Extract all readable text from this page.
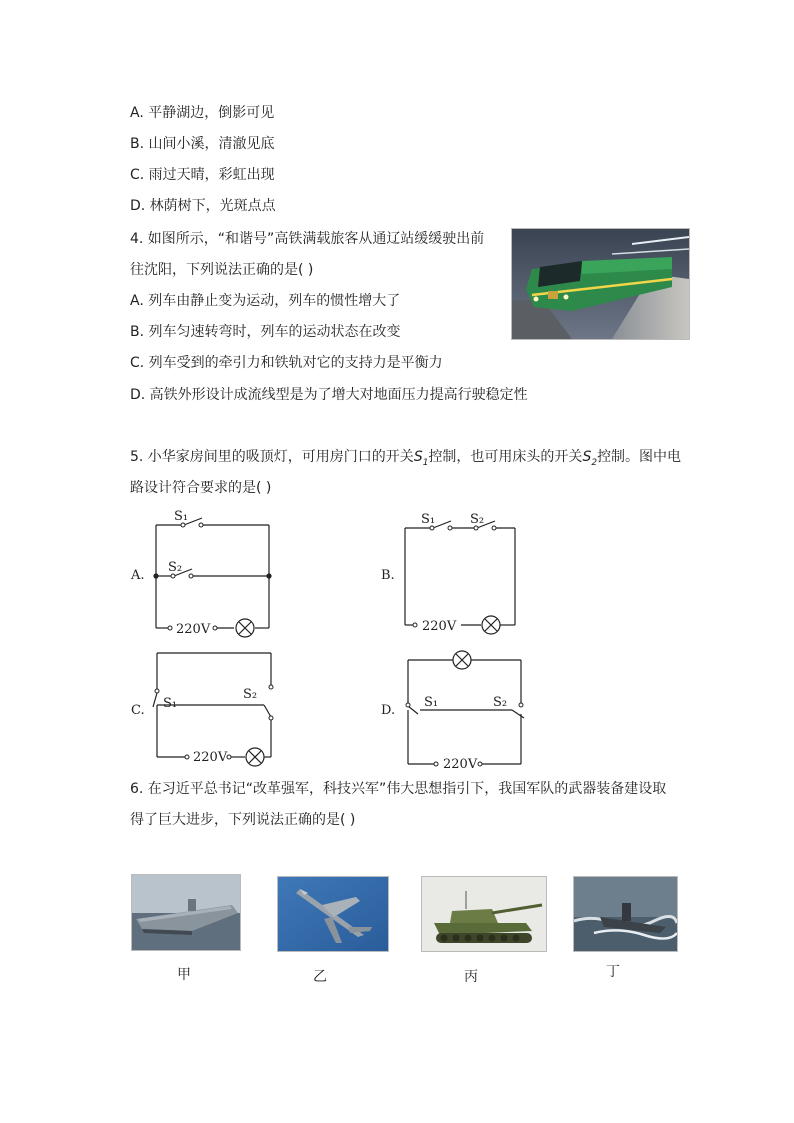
A. 平静湖边，倒影可见
B. 山间小溪，清澈见底
C. 雨过天晴，彩虹出现
D. 林荫树下，光斑点点
4. 如图所示，“和谐号”高铁满载旅客从通辽站缓缓驶出前
往沈阳，下列说法正确的是( )
A. 列车由静止变为运动，列车的惯性增大了
B. 列车匀速转弯时，列车的运动状态在改变
C. 列车受到的牵引力和铁轨对它的支持力是平衡力
D. 高铁外形设计成流线型是为了增大对地面压力提高行驶稳定性
5. 小华家房间里的吸顶灯，可用房门口的开关$S_1$控制，也可用床头的开关$S_2$控制。图中电
路设计符合要求的是( )
A.	B.
C.	D.
S₁
S₂
220V
S₁	S₂
220V
S₁
S₂
220V
S₁	S₂
220V
6. 在习近平总书记“改革强军，科技兴军”伟大思想指引下，我国军队的武器装备建设取
得了巨大进步，下列说法正确的是( )
甲	乙	丙	丁
